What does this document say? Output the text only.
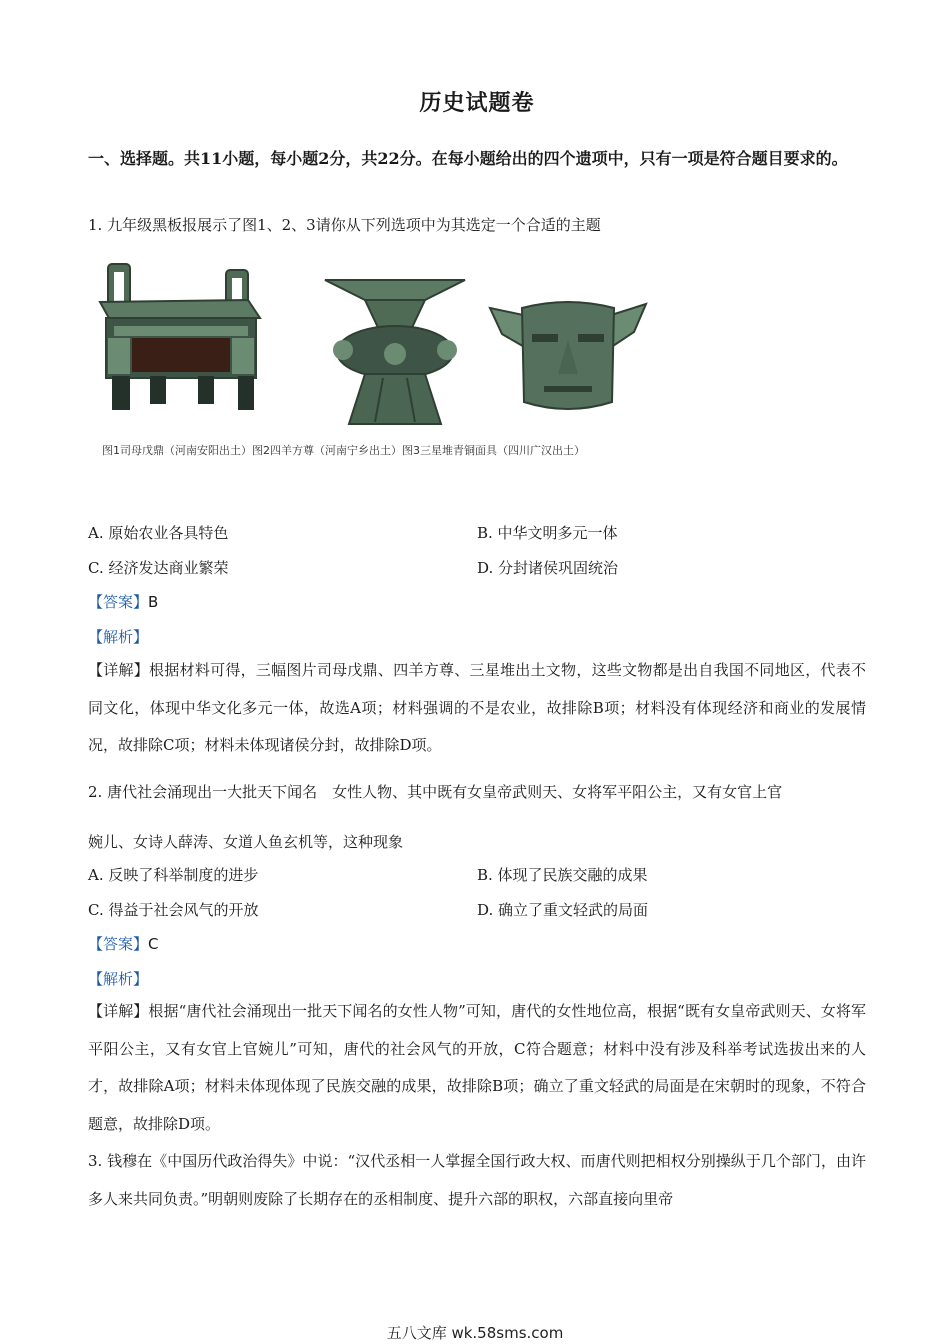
历史试题卷
一、选择题。共11小题，每小题2分，共22分。在每小题给出的四个遗项中，只有一项是符合题目要求的。
1. 九年级黑板报展示了图1、2、3请你从下列选项中为其选定一个合适的主题
图1司母戊鼎（河南安阳出土）图2四羊方尊（河南宁乡出土）图3三星堆青铜面具（四川广汉出土）
A. 原始农业各具特色	B. 中华文明多元一体
C. 经济发达商业繁荣	D. 分封诸侯巩固统治
【答案】B
【解析】
【详解】根据材料可得，三幅图片司母戊鼎、四羊方尊、三星堆出土文物，这些文物都是出自我国不同地区，代表不同文化，体现中华文化多元一体，故选A项；材料强调的不是农业，故排除B项；材料没有体现经济和商业的发展情况，故排除C项；材料未体现诸侯分封，故排除D项。
2. 唐代社会涌现出一大批天下闻名　女性人物、其中既有女皇帝武则天、女将军平阳公主，又有女官上官
婉儿、女诗人薛涛、女道人鱼玄机等，这种现象
A. 反映了科举制度的进步	B. 体现了民族交融的成果
C. 得益于社会风气的开放	D. 确立了重文轻武的局面
【答案】C
【解析】
【详解】根据“唐代社会涌现出一批天下闻名的女性人物”可知，唐代的女性地位高，根据“既有女皇帝武则天、女将军平阳公主，又有女官上官婉儿”可知，唐代的社会风气的开放，C符合题意；材料中没有涉及科举考试选拔出来的人才，故排除A项；材料未体现体现了民族交融的成果，故排除B项；确立了重文轻武的局面是在宋朝时的现象，不符合题意，故排除D项。
3. 钱穆在《中国历代政治得失》中说：“汉代丞相一人掌握全国行政大权、而唐代则把相权分别操纵于几个部门，由许多人来共同负责。”明朝则废除了长期存在的丞相制度、提升六部的职权，六部直接向里帝
五八文库 wk.58sms.com
